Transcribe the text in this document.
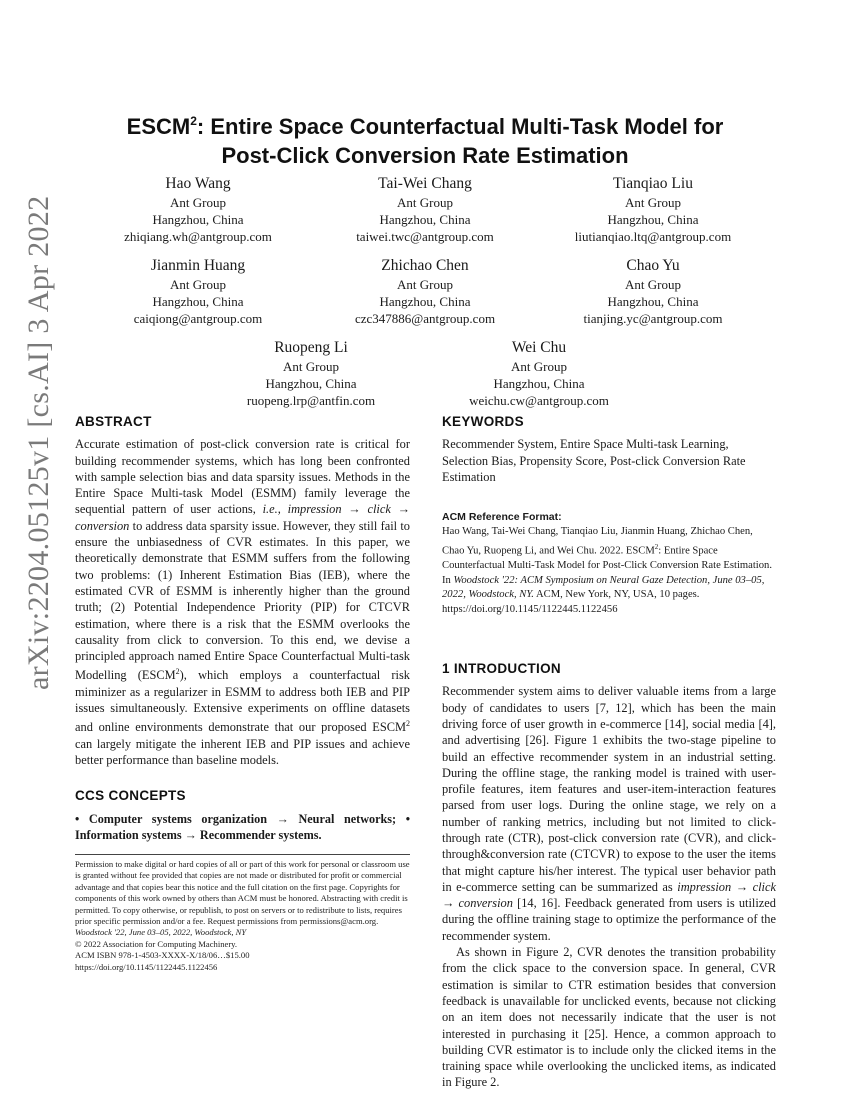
arXiv:2204.05125v1 [cs.AI] 3 Apr 2022
ESCM$^2$: Entire Space Counterfactual Multi-Task Model for
Post-Click Conversion Rate Estimation
Hao Wang
Ant Group
Hangzhou, China
zhiqiang.wh@antgroup.com
Tai-Wei Chang
Ant Group
Hangzhou, China
taiwei.twc@antgroup.com
Tianqiao Liu
Ant Group
Hangzhou, China
liutianqiao.ltq@antgroup.com
Jianmin Huang
Ant Group
Hangzhou, China
caiqiong@antgroup.com
Zhichao Chen
Ant Group
Hangzhou, China
czc347886@antgroup.com
Chao Yu
Ant Group
Hangzhou, China
tianjing.yc@antgroup.com
Ruopeng Li
Ant Group
Hangzhou, China
ruopeng.lrp@antfin.com
Wei Chu
Ant Group
Hangzhou, China
weichu.cw@antgroup.com
ABSTRACT

Accurate estimation of post-click conversion rate is critical for building recommender systems, which has long been confronted with sample selection bias and data sparsity issues. Methods in the Entire Space Multi-task Model (ESMM) family leverage the sequential pattern of user actions, i.e., impression → click → conversion to address data sparsity issue. However, they still fail to ensure the unbiasedness of CVR estimates. In this paper, we theoretically demonstrate that ESMM suffers from the following two problems: (1) Inherent Estimation Bias (IEB), where the estimated CVR of ESMM is inherently higher than the ground truth; (2) Potential Independence Priority (PIP) for CTCVR estimation, where there is a risk that the ESMM overlooks the causality from click to conversion. To this end, we devise a principled approach named Entire Space Counterfactual Multi-task Modelling (ESCM$^2$), which employs a counterfactual risk miminizer as a regularizer in ESMM to address both IEB and PIP issues simultaneously. Extensive experiments on offline datasets and online environments demonstrate that our proposed ESCM$^2$ can largely mitigate the inherent IEB and PIP issues and achieve better performance than baseline models.

CCS CONCEPTS

• Computer systems organization → Neural networks; • Information systems → Recommender systems.

Permission to make digital or hard copies of all or part of this work for personal or classroom use is granted without fee provided that copies are not made or distributed for profit or commercial advantage and that copies bear this notice and the full citation on the first page. Copyrights for components of this work owned by others than ACM must be honored. Abstracting with credit is permitted. To copy otherwise, or republish, to post on servers or to redistribute to lists, requires prior specific permission and/or a fee. Request permissions from permissions@acm.org.
Woodstock '22, June 03–05, 2022, Woodstock, NY
© 2022 Association for Computing Machinery.
ACM ISBN 978-1-4503-XXXX-X/18/06…$15.00
https://doi.org/10.1145/1122445.1122456
KEYWORDS

Recommender System, Entire Space Multi-task Learning, Selection Bias, Propensity Score, Post-click Conversion Rate Estimation

ACM Reference Format:

Hao Wang, Tai-Wei Chang, Tianqiao Liu, Jianmin Huang, Zhichao Chen, Chao Yu, Ruopeng Li, and Wei Chu. 2022. ESCM$^2$: Entire Space Counterfactual Multi-Task Model for Post-Click Conversion Rate Estimation. In Woodstock '22: ACM Symposium on Neural Gaze Detection, June 03–05, 2022, Woodstock, NY. ACM, New York, NY, USA, 10 pages. https://doi.org/10.1145/1122445.1122456

1 INTRODUCTION

Recommender system aims to deliver valuable items from a large body of candidates to users [7, 12], which has been the main driving force of user growth in e-commerce [14], social media [4], and advertising [26]. Figure 1 exhibits the two-stage pipeline to build an effective recommender system in an industrial setting. During the offline stage, the ranking model is trained with user-profile features, item features and user-item-interaction features parsed from user logs. During the online stage, we rely on a number of ranking metrics, including but not limited to click-through rate (CTR), post-click conversion rate (CVR), and click-through&conversion rate (CTCVR) to expose to the user the items that might capture his/her interest. The typical user behavior path in e-commerce setting can be summarized as impression → click → conversion [14, 16]. Feedback generated from users is utilized during the offline training stage to optimize the performance of the recommender system.

As shown in Figure 2, CVR denotes the transition probability from the click space to the conversion space. In general, CVR estimation is similar to CTR estimation besides that conversion feedback is unavailable for unclicked events, because not clicking on an item does not necessarily indicate that the user is not interested in purchasing it [25]. Hence, a common approach to building CVR estimator is to include only the clicked items in the training space while overlooking the unclicked items, as indicated in Figure 2.
